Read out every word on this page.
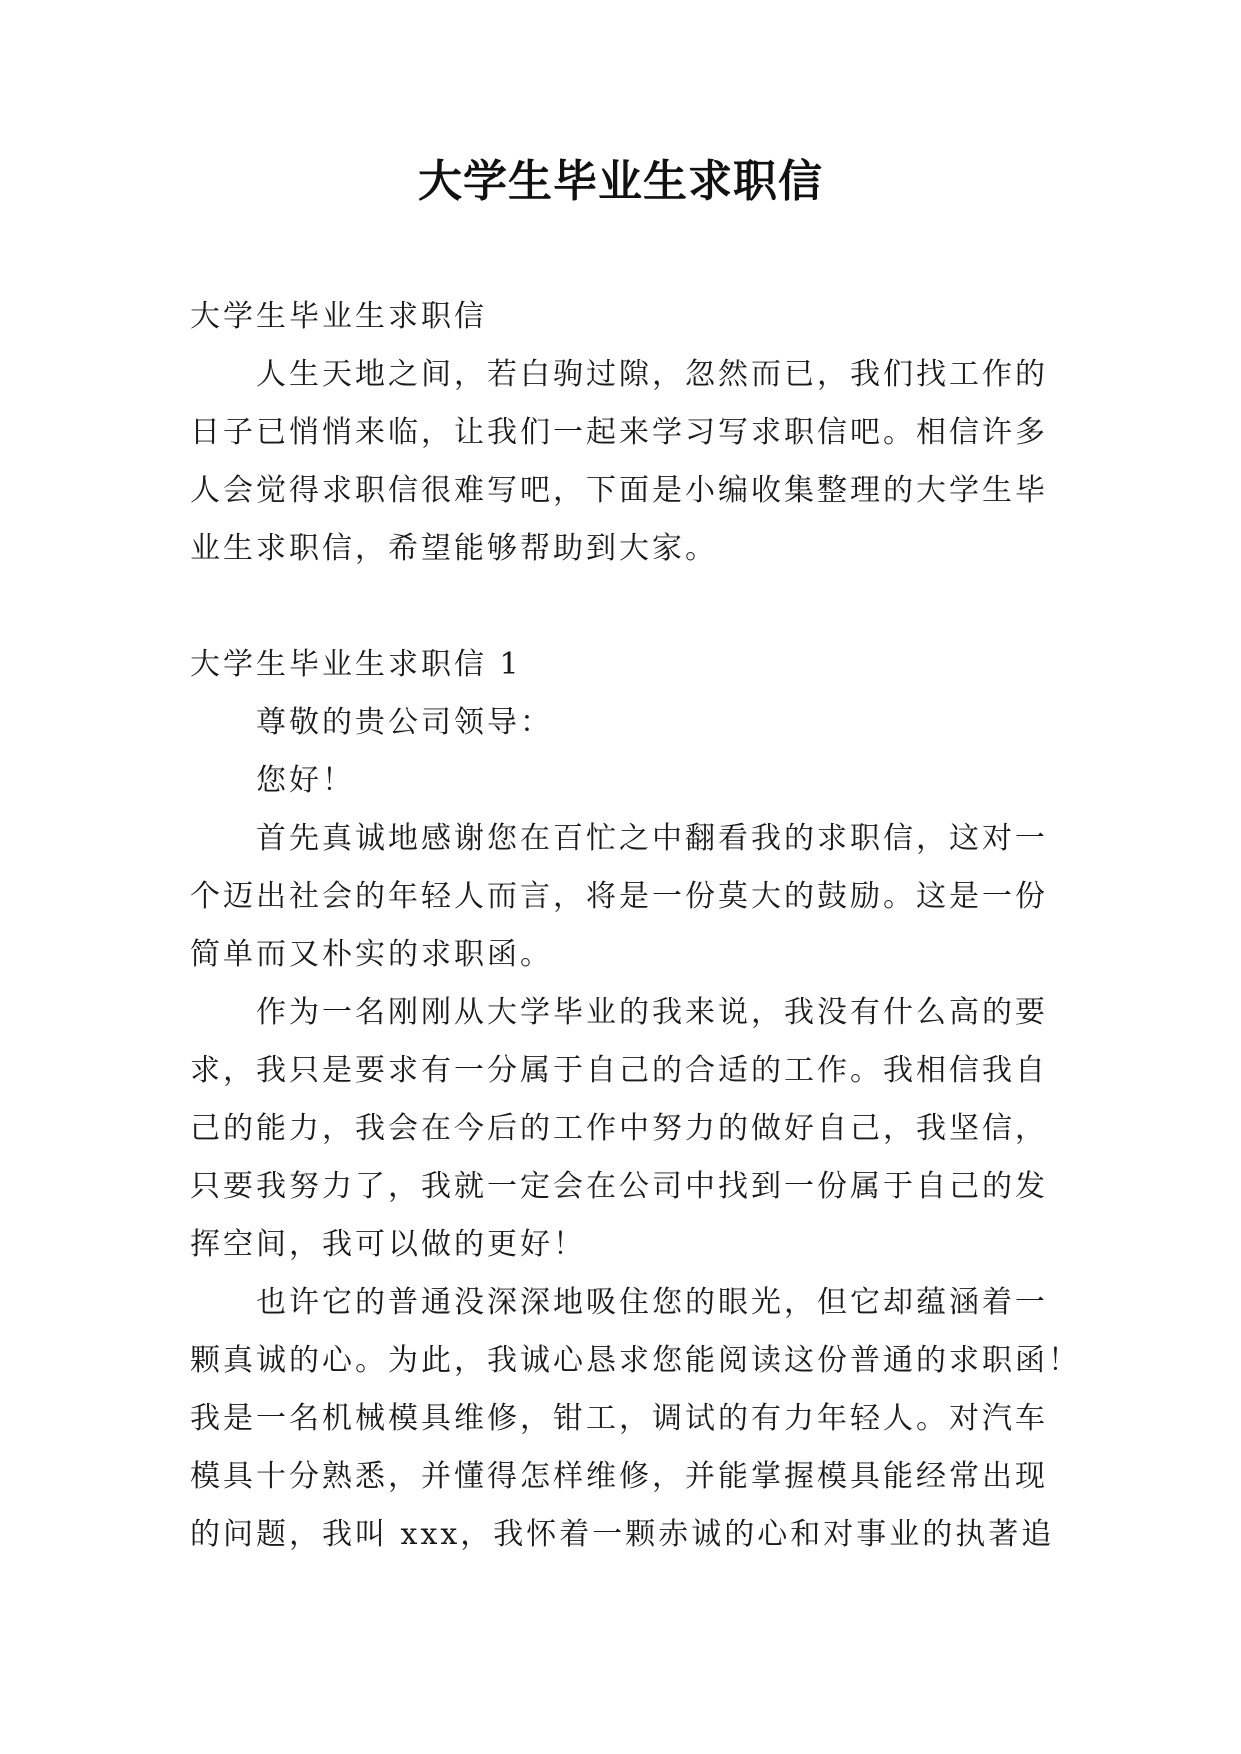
大学生毕业生求职信
大学生毕业生求职信
人生天地之间，若白驹过隙，忽然而已，我们找工作的
日子已悄悄来临，让我们一起来学习写求职信吧。相信许多
人会觉得求职信很难写吧，下面是小编收集整理的大学生毕
业生求职信，希望能够帮助到大家。
大学生毕业生求职信 1
尊敬的贵公司领导：
您好！
首先真诚地感谢您在百忙之中翻看我的求职信，这对一
个迈出社会的年轻人而言，将是一份莫大的鼓励。这是一份
简单而又朴实的求职函。
作为一名刚刚从大学毕业的我来说，我没有什么高的要
求，我只是要求有一分属于自己的合适的工作。我相信我自
己的能力，我会在今后的工作中努力的做好自己，我坚信，
只要我努力了，我就一定会在公司中找到一份属于自己的发
挥空间，我可以做的更好！
也许它的普通没深深地吸住您的眼光，但它却蕴涵着一
颗真诚的心。为此，我诚心恳求您能阅读这份普通的求职函！
我是一名机械模具维修，钳工，调试的有力年轻人。对汽车
模具十分熟悉，并懂得怎样维修，并能掌握模具能经常出现
的问题，我叫 xxx，我怀着一颗赤诚的心和对事业的执著追
